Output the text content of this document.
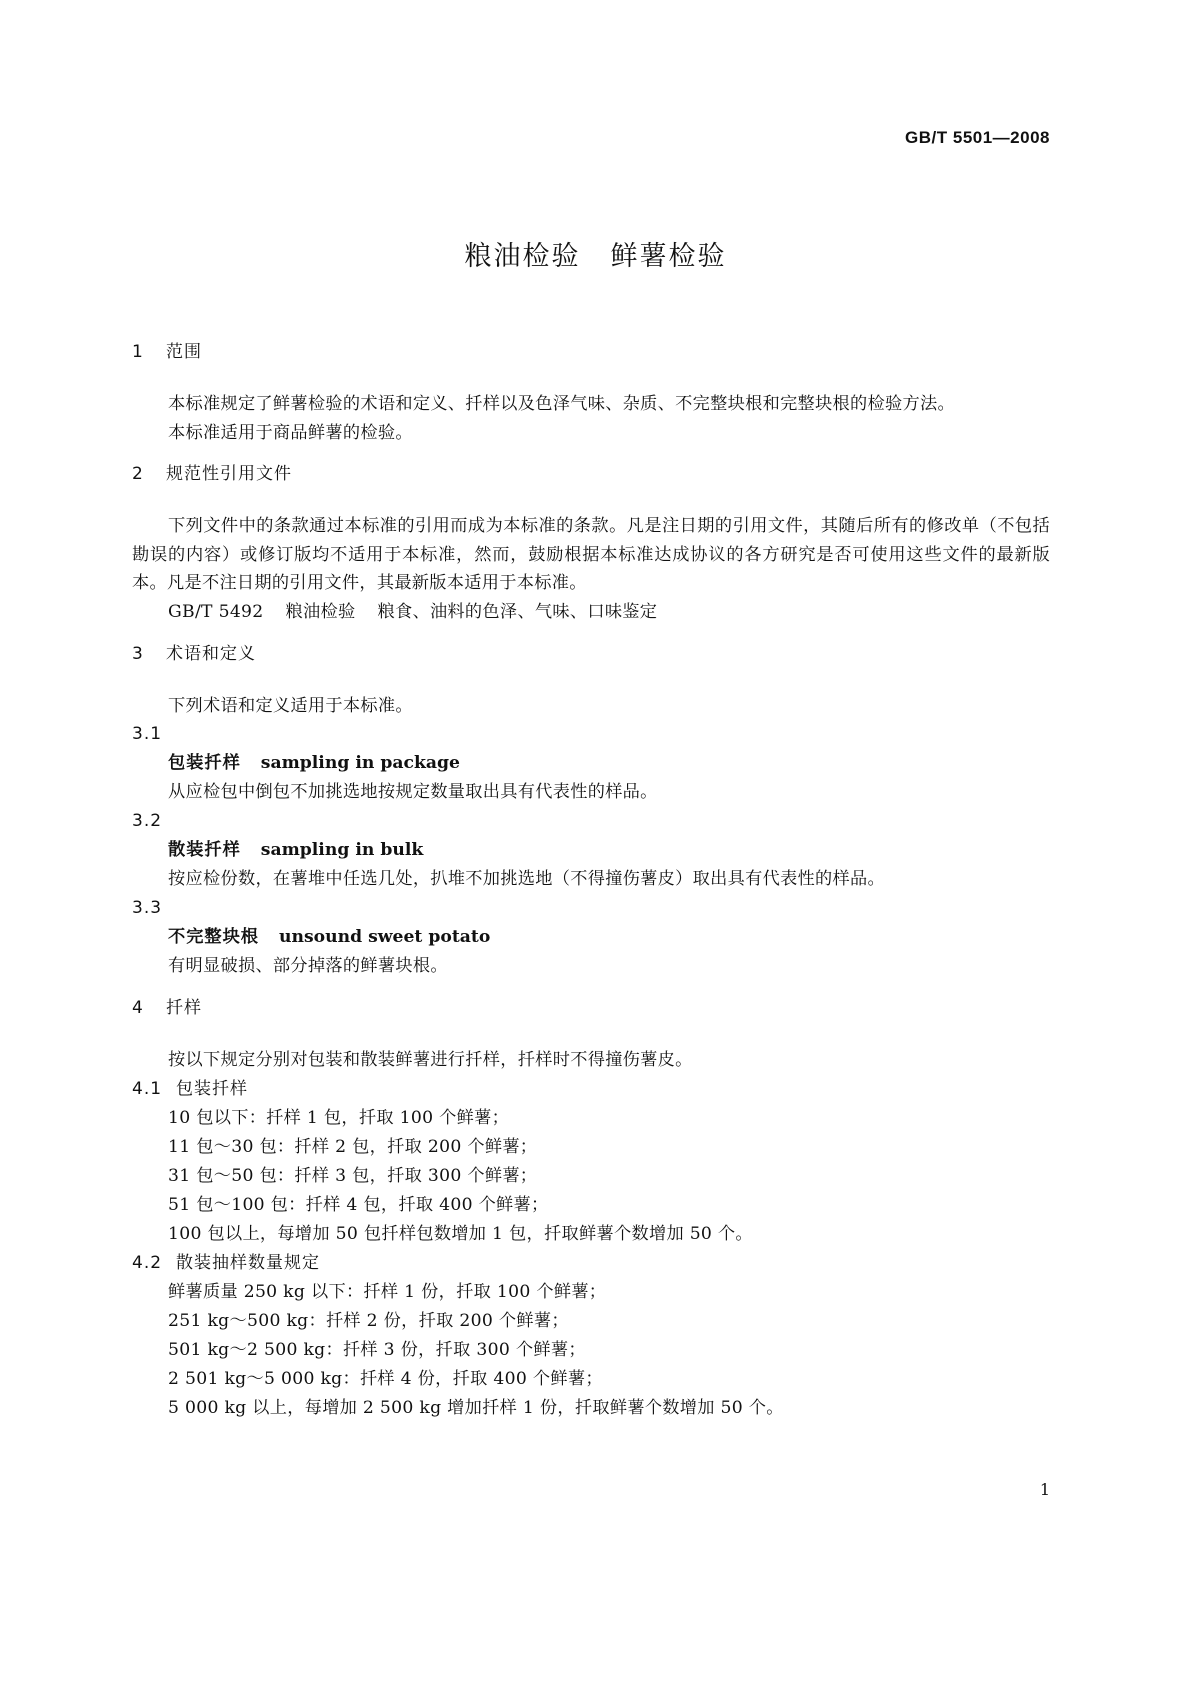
GB/T 5501—2008
粮油检验 鲜薯检验
1 范围
本标准规定了鲜薯检验的术语和定义、扦样以及色泽气味、杂质、不完整块根和完整块根的检验方法。
本标准适用于商品鲜薯的检验。
2 规范性引用文件
下列文件中的条款通过本标准的引用而成为本标准的条款。凡是注日期的引用文件，其随后所有的修改单（不包括勘误的内容）或修订版均不适用于本标准，然而，鼓励根据本标准达成协议的各方研究是否可使用这些文件的最新版本。凡是不注日期的引用文件，其最新版本适用于本标准。
GB/T 5492 粮油检验 粮食、油料的色泽、气味、口味鉴定
3 术语和定义
下列术语和定义适用于本标准。
3.1
包装扦样 sampling in package
从应检包中倒包不加挑选地按规定数量取出具有代表性的样品。
3.2
散装扦样 sampling in bulk
按应检份数，在薯堆中任选几处，扒堆不加挑选地（不得撞伤薯皮）取出具有代表性的样品。
3.3
不完整块根 unsound sweet potato
有明显破损、部分掉落的鲜薯块根。
4 扦样
按以下规定分别对包装和散装鲜薯进行扦样，扦样时不得撞伤薯皮。
4.1 包装扦样
10 包以下：扦样 1 包，扦取 100 个鲜薯；
11 包～30 包：扦样 2 包，扦取 200 个鲜薯；
31 包～50 包：扦样 3 包，扦取 300 个鲜薯；
51 包～100 包：扦样 4 包，扦取 400 个鲜薯；
100 包以上，每增加 50 包扦样包数增加 1 包，扦取鲜薯个数增加 50 个。
4.2 散装抽样数量规定
鲜薯质量 250 kg 以下：扦样 1 份，扦取 100 个鲜薯；
251 kg～500 kg：扦样 2 份，扦取 200 个鲜薯；
501 kg～2 500 kg：扦样 3 份，扦取 300 个鲜薯；
2 501 kg～5 000 kg：扦样 4 份，扦取 400 个鲜薯；
5 000 kg 以上，每增加 2 500 kg 增加扦样 1 份，扦取鲜薯个数增加 50 个。
1
